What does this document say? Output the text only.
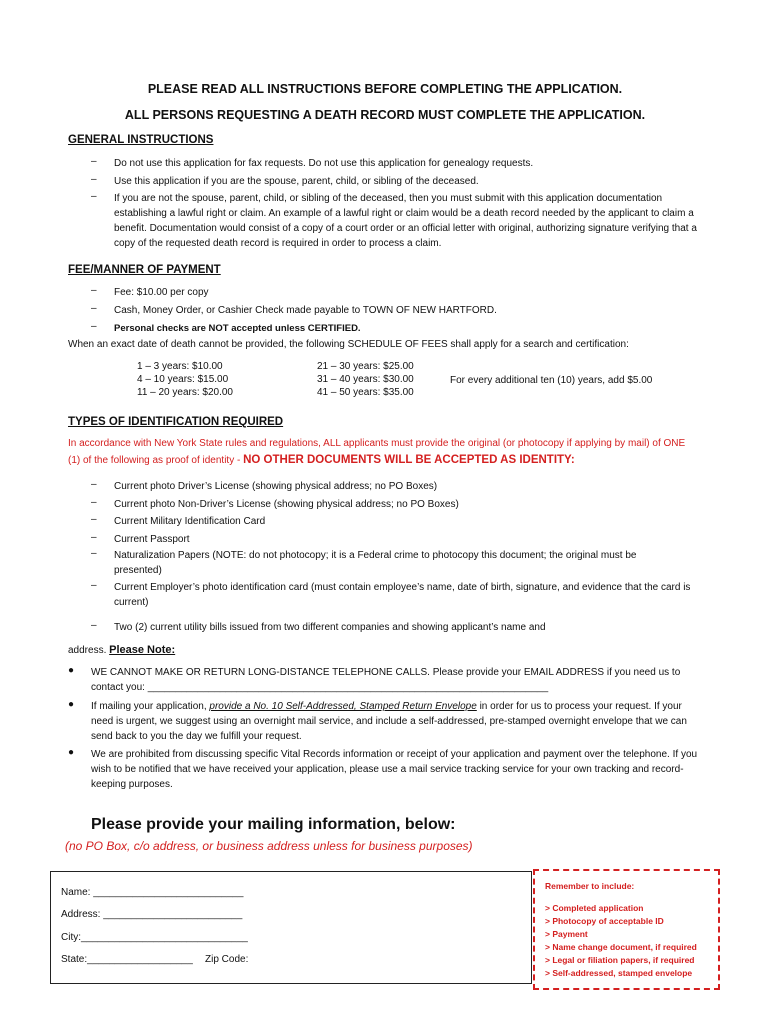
PLEASE READ ALL INSTRUCTIONS BEFORE COMPLETING THE APPLICATION.
ALL PERSONS REQUESTING A DEATH RECORD MUST COMPLETE THE APPLICATION.
GENERAL INSTRUCTIONS
– Do not use this application for fax requests. Do not use this application for genealogy requests.
– Use this application if you are the spouse, parent, child, or sibling of the deceased.
– If you are not the spouse, parent, child, or sibling of the deceased, then you must submit with this application documentation establishing a lawful right or claim. An example of a lawful right or claim would be a death record needed by the applicant to claim a benefit. Documentation would consist of a copy of a court order or an official letter with original, authorizing signature verifying that a copy of the requested death record is required in order to process a claim.
FEE/MANNER OF PAYMENT
– Fee: $10.00 per copy
– Cash, Money Order, or Cashier Check made payable to TOWN OF NEW HARTFORD.
– Personal checks are NOT accepted unless CERTIFIED.
When an exact date of death cannot be provided, the following SCHEDULE OF FEES shall apply for a search and certification:
1 – 3 years: $10.00
4 – 10 years: $15.00
11 – 20 years: $20.00
21 – 30 years: $25.00
31 – 40 years: $30.00
41 – 50 years: $35.00
For every additional ten (10) years, add $5.00
TYPES OF IDENTIFICATION REQUIRED
In accordance with New York State rules and regulations, ALL applicants must provide the original (or photocopy if applying by mail) of ONE (1) of the following as proof of identity - NO OTHER DOCUMENTS WILL BE ACCEPTED AS IDENTITY:
– Current photo Driver’s License (showing physical address; no PO Boxes)
– Current photo Non-Driver’s License (showing physical address; no PO Boxes)
– Current Military Identification Card
– Current Passport
– Naturalization Papers (NOTE: do not photocopy; it is a Federal crime to photocopy this document; the original must be presented)
– Current Employer’s photo identification card (must contain employee’s name, date of birth, signature, and evidence that the card is current)
– Two (2) current utility bills issued from two different companies and showing applicant’s name and
address. Please Note:
● WE CANNOT MAKE OR RETURN LONG-DISTANCE TELEPHONE CALLS. Please provide your EMAIL ADDRESS if you need us to contact you: ________________________________________________________________________
● If mailing your application, provide a No. 10 Self-Addressed, Stamped Return Envelope in order for us to process your request. If your need is urgent, we suggest using an overnight mail service, and include a self-addressed, pre-stamped overnight envelope that we can send back to you the day we fulfill your request.
● We are prohibited from discussing specific Vital Records information or receipt of your application and payment over the telephone. If you wish to be notified that we have received your application, please use a mail service tracking service for your own tracking and record-keeping purposes.
Please provide your mailing information, below:
(no PO Box, c/o address, or business address unless for business purposes)
Name: ___________________________
Address: _________________________
City:______________________________
State:___________________ Zip Code:
Remember to include:
> Completed application
> Photocopy of acceptable ID
> Payment
> Name change document, if required
> Legal or filiation papers, if required
> Self-addressed, stamped envelope
